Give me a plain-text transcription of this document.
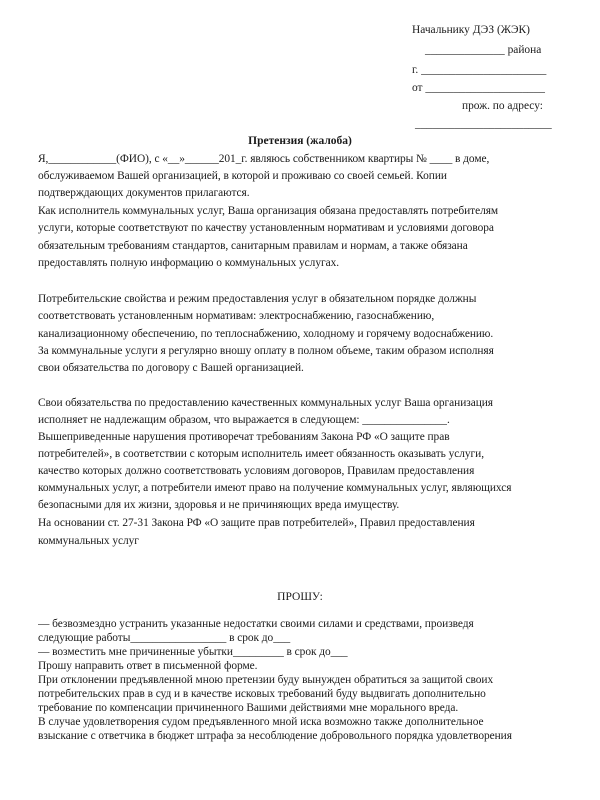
Начальнику ДЭЗ (ЖЭК)
______________ района
г. ______________________
от _____________________
прож. по адресу:
________________________
Претензия (жалоба)
Я,____________(ФИО), с «__»______201_г. являюсь собственником квартиры № ____ в доме,
обслуживаемом Вашей организацией, в которой и проживаю со своей семьей. Копии
подтверждающих документов прилагаются.
Как исполнитель коммунальных услуг, Ваша организация обязана предоставлять потребителям
услуги, которые соответствуют по качеству установленным нормативам и условиями договора
обязательным требованиям стандартов, санитарным правилам и нормам, а также обязана
предоставлять полную информацию о коммунальных услугах.
Потребительские свойства и режим предоставления услуг в обязательном порядке должны
соответствовать установленным нормативам: электроснабжению, газоснабжению,
канализационному обеспечению, по теплоснабжению, холодному и горячему водоснабжению.
За коммунальные услуги я регулярно вношу оплату в полном объеме, таким образом исполняя
свои обязательства по договору с Вашей организацией.
Свои обязательства по предоставлению качественных коммунальных услуг Ваша организация
исполняет не надлежащим образом, что выражается в следующем: _______________.
Вышеприведенные нарушения противоречат требованиям Закона РФ «О защите прав
потребителей», в соответствии с которым исполнитель имеет обязанность оказывать услуги,
качество которых должно соответствовать условиям договоров, Правилам предоставления
коммунальных услуг, а потребители имеют право на получение коммунальных услуг, являющихся
безопасными для их жизни, здоровья и не причиняющих вреда имуществу.
На основании ст. 27-31 Закона РФ «О защите прав потребителей», Правил предоставления
коммунальных услуг
ПРОШУ:
— безвозмездно устранить указанные недостатки своими силами и средствами, произведя
следующие работы_________________ в срок до___
— возместить мне причиненные убытки_________ в срок до___
Прошу направить ответ в письменной форме.
При отклонении предъявленной мною претензии буду вынужден обратиться за защитой своих
потребительских прав в суд и в качестве исковых требований буду выдвигать дополнительно
требование по компенсации причиненного Вашими действиями мне морального вреда.
В случае удовлетворения судом предъявленного мной иска возможно также дополнительное
взыскание с ответчика в бюджет штрафа за несоблюдение добровольного порядка удовлетворения
